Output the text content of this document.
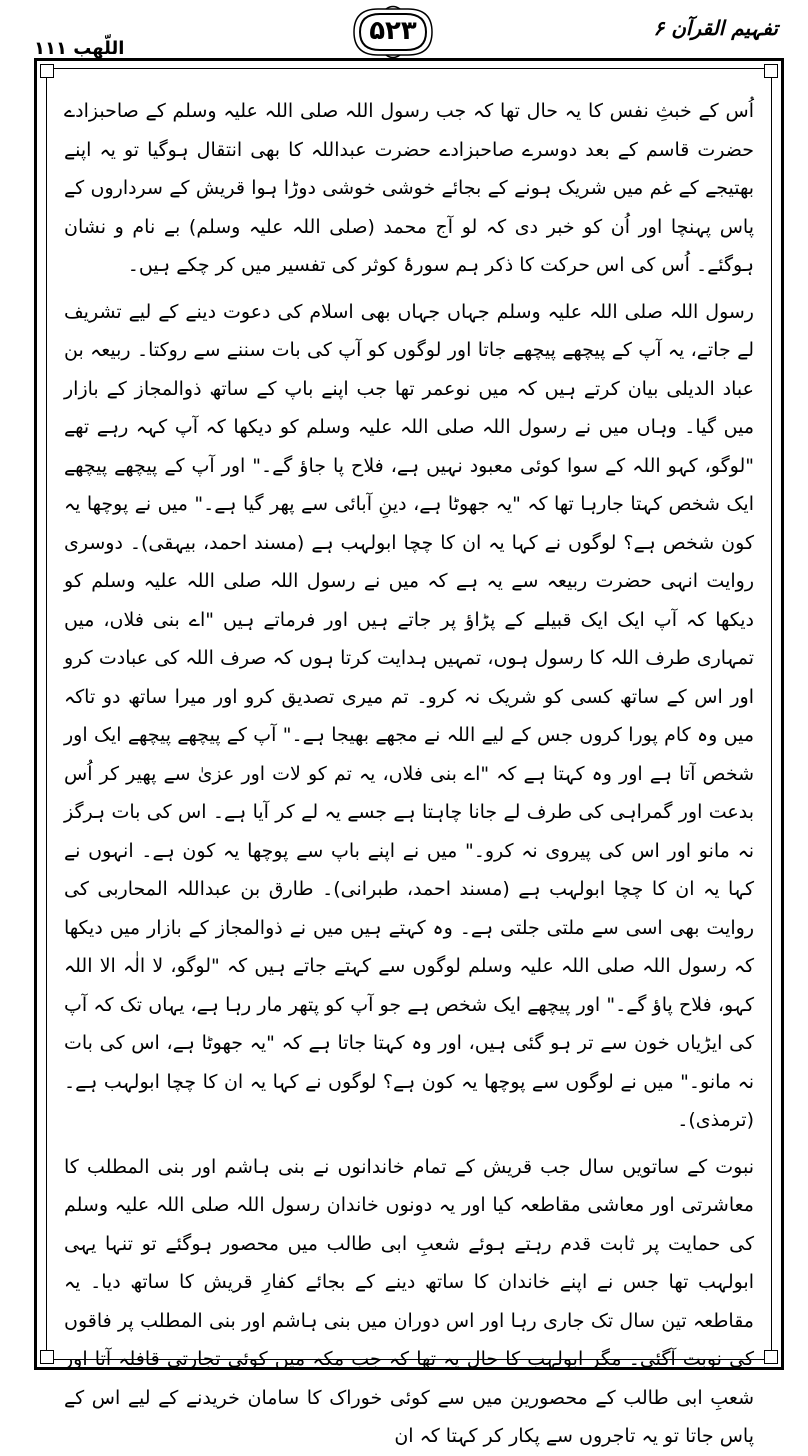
اللّھب ۱۱۱
۵۲۳	تفہیم القرآن ۶

اُس کے خبثِ نفس کا یہ حال تھا کہ جب رسول اللہ صلی اللہ علیہ وسلم کے صاحبزادے حضرت قاسم کے بعد دوسرے صاحبزادے حضرت عبداللہ کا بھی انتقال ہوگیا تو یہ اپنے بھتیجے کے غم میں شریک ہونے کے بجائے خوشی خوشی دوڑا ہوا قریش کے سرداروں کے پاس پہنچا اور اُن کو خبر دی کہ لو آج محمد (صلی اللہ علیہ وسلم) بے نام و نشان ہوگئے۔ اُس کی اس حرکت کا ذکر ہم سورۂ کوثر کی تفسیر میں کر چکے ہیں۔

رسول اللہ صلی اللہ علیہ وسلم جہاں جہاں بھی اسلام کی دعوت دینے کے لیے تشریف لے جاتے، یہ آپ کے پیچھے پیچھے جاتا اور لوگوں کو آپ کی بات سننے سے روکتا۔ ربیعہ بن عباد الدیلی بیان کرتے ہیں کہ میں نوعمر تھا جب اپنے باپ کے ساتھ ذوالمجاز کے بازار میں گیا۔ وہاں میں نے رسول اللہ صلی اللہ علیہ وسلم کو دیکھا کہ آپ کہہ رہے تھے "لوگو، کہو اللہ کے سوا کوئی معبود نہیں ہے، فلاح پا جاؤ گے۔" اور آپ کے پیچھے پیچھے ایک شخص کہتا جارہا تھا کہ "یہ جھوٹا ہے، دینِ آبائی سے پھر گیا ہے۔" میں نے پوچھا یہ کون شخص ہے؟ لوگوں نے کہا یہ ان کا چچا ابولہب ہے (مسند احمد، بیہقی)۔ دوسری روایت انہی حضرت ربیعہ سے یہ ہے کہ میں نے رسول اللہ صلی اللہ علیہ وسلم کو دیکھا کہ آپ ایک ایک قبیلے کے پڑاؤ پر جاتے ہیں اور فرماتے ہیں "اے بنی فلاں، میں تمہاری طرف اللہ کا رسول ہوں، تمہیں ہدایت کرتا ہوں کہ صرف اللہ کی عبادت کرو اور اس کے ساتھ کسی کو شریک نہ کرو۔ تم میری تصدیق کرو اور میرا ساتھ دو تاکہ میں وہ کام پورا کروں جس کے لیے اللہ نے مجھے بھیجا ہے۔" آپ کے پیچھے پیچھے ایک اور شخص آتا ہے اور وہ کہتا ہے کہ "اے بنی فلاں، یہ تم کو لات اور عزیٰ سے پھیر کر اُس بدعت اور گمراہی کی طرف لے جانا چاہتا ہے جسے یہ لے کر آیا ہے۔ اس کی بات ہرگز نہ مانو اور اس کی پیروی نہ کرو۔" میں نے اپنے باپ سے پوچھا یہ کون ہے۔ انہوں نے کہا یہ ان کا چچا ابولہب ہے (مسند احمد، طبرانی)۔ طارق بن عبداللہ المحاربی کی روایت بھی اسی سے ملتی جلتی ہے۔ وہ کہتے ہیں میں نے ذوالمجاز کے بازار میں دیکھا کہ رسول اللہ صلی اللہ علیہ وسلم لوگوں سے کہتے جاتے ہیں کہ "لوگو، لا الٰہ الا اللہ کہو، فلاح پاؤ گے۔" اور پیچھے ایک شخص ہے جو آپ کو پتھر مار رہا ہے، یہاں تک کہ آپ کی ایڑیاں خون سے تر ہو گئی ہیں، اور وہ کہتا جاتا ہے کہ "یہ جھوٹا ہے، اس کی بات نہ مانو۔" میں نے لوگوں سے پوچھا یہ کون ہے؟ لوگوں نے کہا یہ ان کا چچا ابولہب ہے۔ (ترمذی)۔

نبوت کے ساتویں سال جب قریش کے تمام خاندانوں نے بنی ہاشم اور بنی المطلب کا معاشرتی اور معاشی مقاطعہ کیا اور یہ دونوں خاندان رسول اللہ صلی اللہ علیہ وسلم کی حمایت پر ثابت قدم رہتے ہوئے شعبِ ابی طالب میں محصور ہوگئے تو تنہا یہی ابولہب تھا جس نے اپنے خاندان کا ساتھ دینے کے بجائے کفارِ قریش کا ساتھ دیا۔ یہ مقاطعہ تین سال تک جاری رہا اور اس دوران میں بنی ہاشم اور بنی المطلب پر فاقوں کی نوبت آگئی۔ مگر ابولہب کا حال یہ تھا کہ جب مکہ میں کوئی تجارتی قافلہ آتا اور شعبِ ابی طالب کے محصورین میں سے کوئی خوراک کا سامان خریدنے کے لیے اس کے پاس جاتا تو یہ تاجروں سے پکار کر کہتا کہ ان
